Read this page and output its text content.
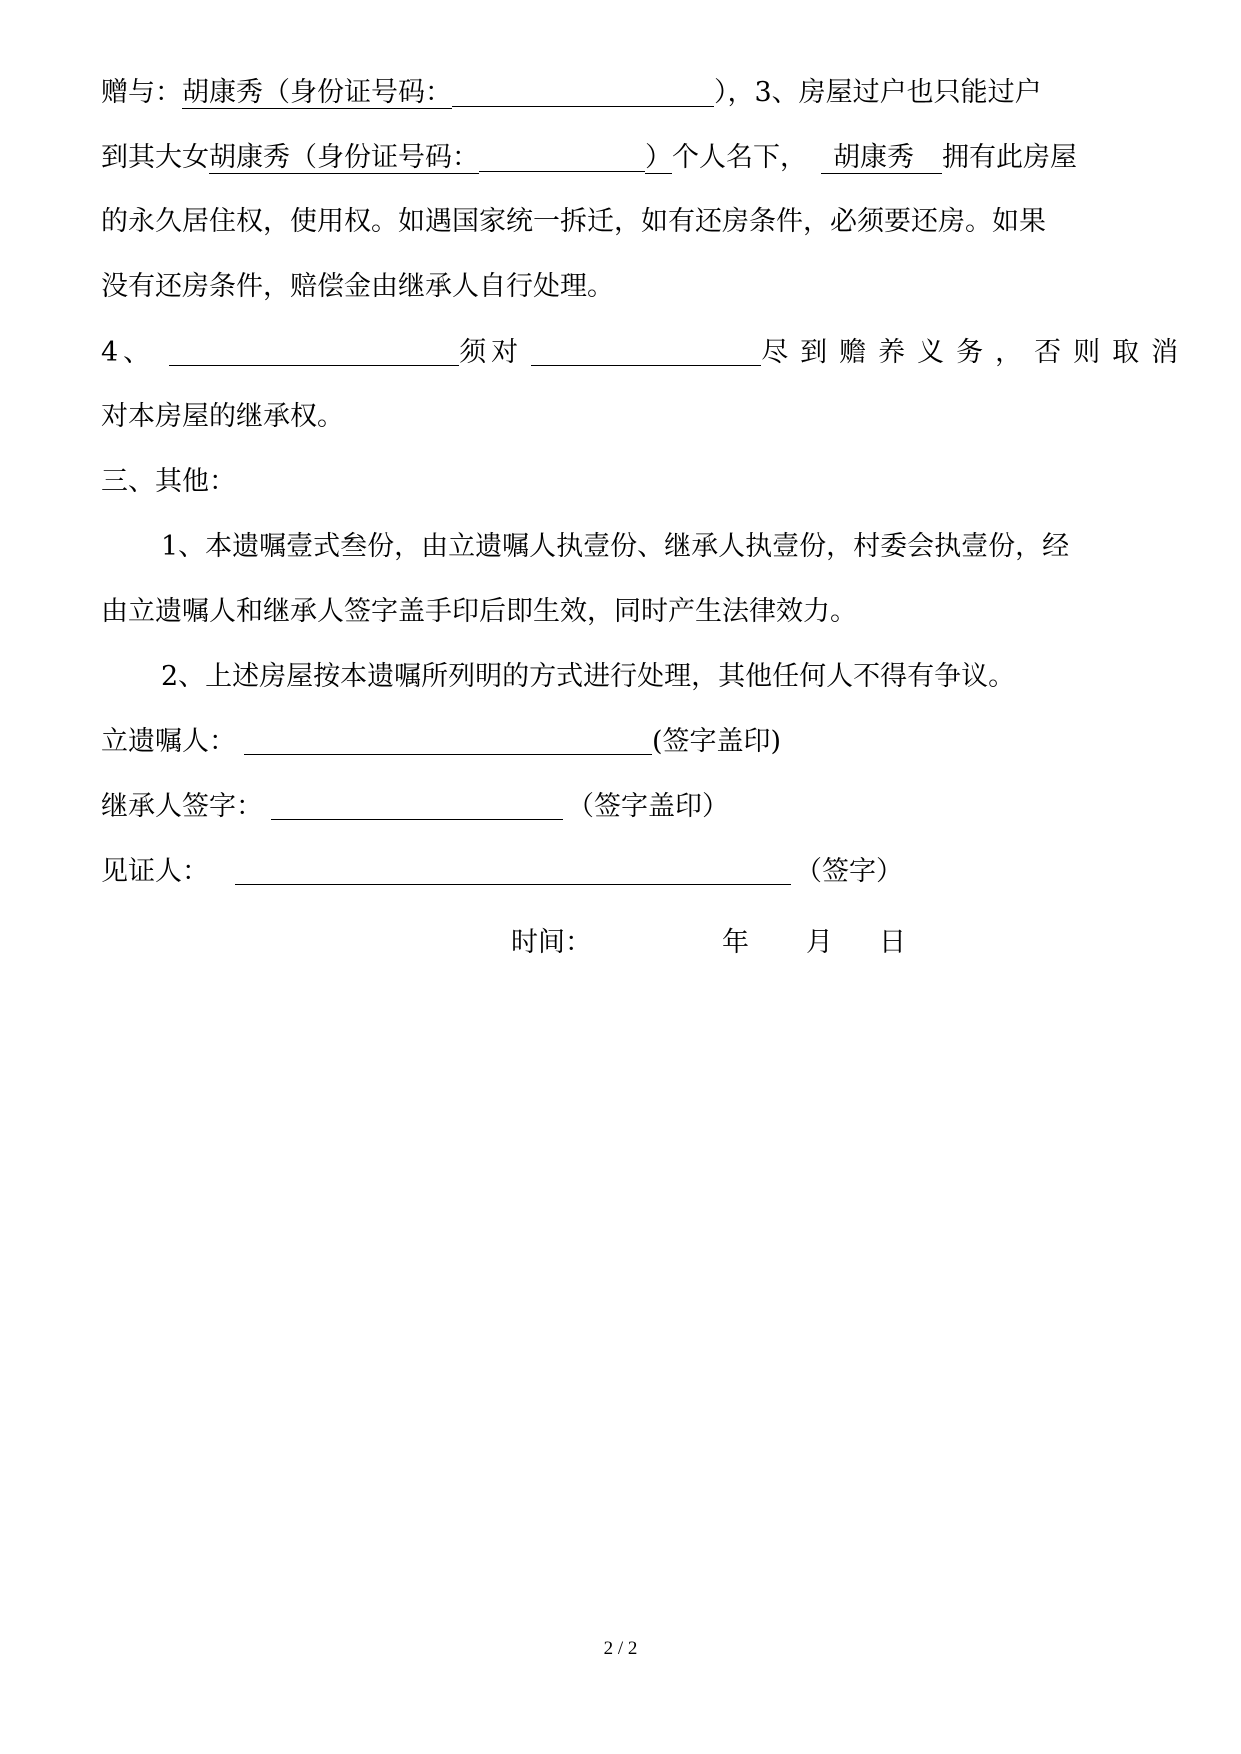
赠与：胡康秀（身份证号码：	），3、房屋过户也只能过户
到其大女胡康秀（身份证号码：	）个人名下， 胡康秀 拥有此房屋
的永久居住权，使用权。如遇国家统一拆迁，如有还房条件，必须要还房。如果
没有还房条件，赔偿金由继承人自行处理。
4、	须对	尽到赡养义务，否则取消
对本房屋的继承权。
三、其他：
1、本遗嘱壹式叁份，由立遗嘱人执壹份、继承人执壹份，村委会执壹份，经
由立遗嘱人和继承人签字盖手印后即生效，同时产生法律效力。
2、上述房屋按本遗嘱所列明的方式进行处理，其他任何人不得有争议。
立遗嘱人：	(签字盖印)
继承人签字：	（签字盖印）
见证人：	（签字）
时间：	年 月 日
2 / 2
